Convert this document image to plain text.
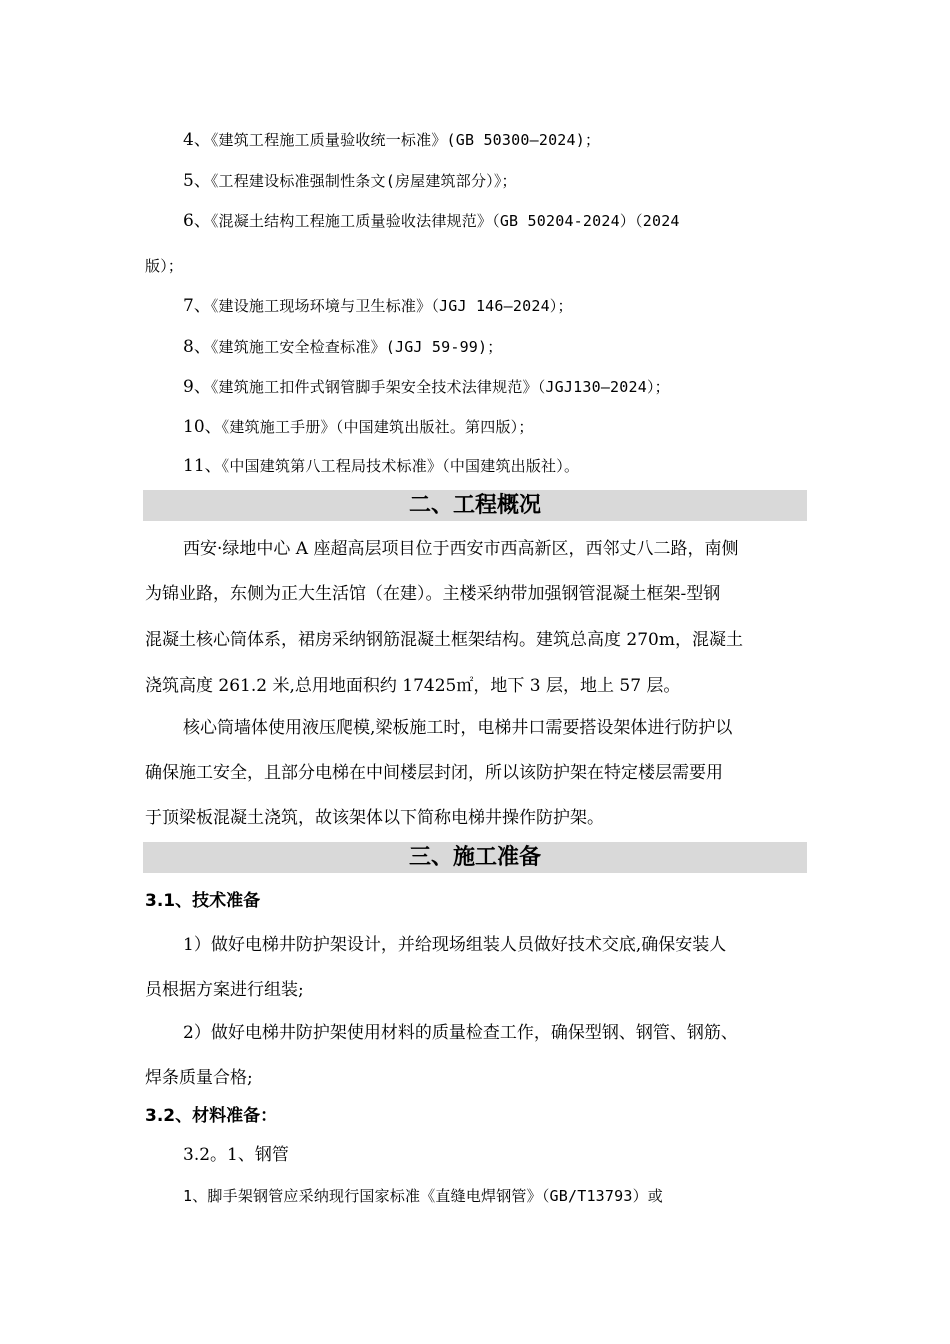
4、《建筑工程施工质量验收统一标准》(GB 50300—2024)；
5、《工程建设标准强制性条文(房屋建筑部分）》；
6、《混凝土结构工程施工质量验收法律规范》（GB 50204-2024）（2024
版）；
7、《建设施工现场环境与卫生标准》（JGJ 146—2024）；
8、《建筑施工安全检查标准》(JGJ 59-99)；
9、《建筑施工扣件式钢管脚手架安全技术法律规范》（JGJ130—2024）；
10、《建筑施工手册》（中国建筑出版社。第四版）；
11、《中国建筑第八工程局技术标准》（中国建筑出版社）。
二、工程概况
西安·绿地中心 A 座超高层项目位于西安市西高新区，西邻丈八二路，南侧
为锦业路，东侧为正大生活馆（在建）。主楼采纳带加强钢管混凝土框架-型钢
混凝土核心筒体系，裙房采纳钢筋混凝土框架结构。建筑总高度 270m，混凝土
浇筑高度 261.2 米,总用地面积约 17425㎡，地下 3 层，地上 57 层。
核心筒墙体使用液压爬模,梁板施工时，电梯井口需要搭设架体进行防护以
确保施工安全，且部分电梯在中间楼层封闭，所以该防护架在特定楼层需要用
于顶梁板混凝土浇筑，故该架体以下简称电梯井操作防护架。
三、施工准备
3.1、技术准备
1）做好电梯井防护架设计，并给现场组装人员做好技术交底,确保安装人
员根据方案进行组装;
2）做好电梯井防护架使用材料的质量检查工作，确保型钢、钢管、钢筋、
焊条质量合格;
3.2、材料准备：
3.2。1、钢管
1、脚手架钢管应采纳现行国家标准《直缝电焊钢管》（GB/T13793）或
